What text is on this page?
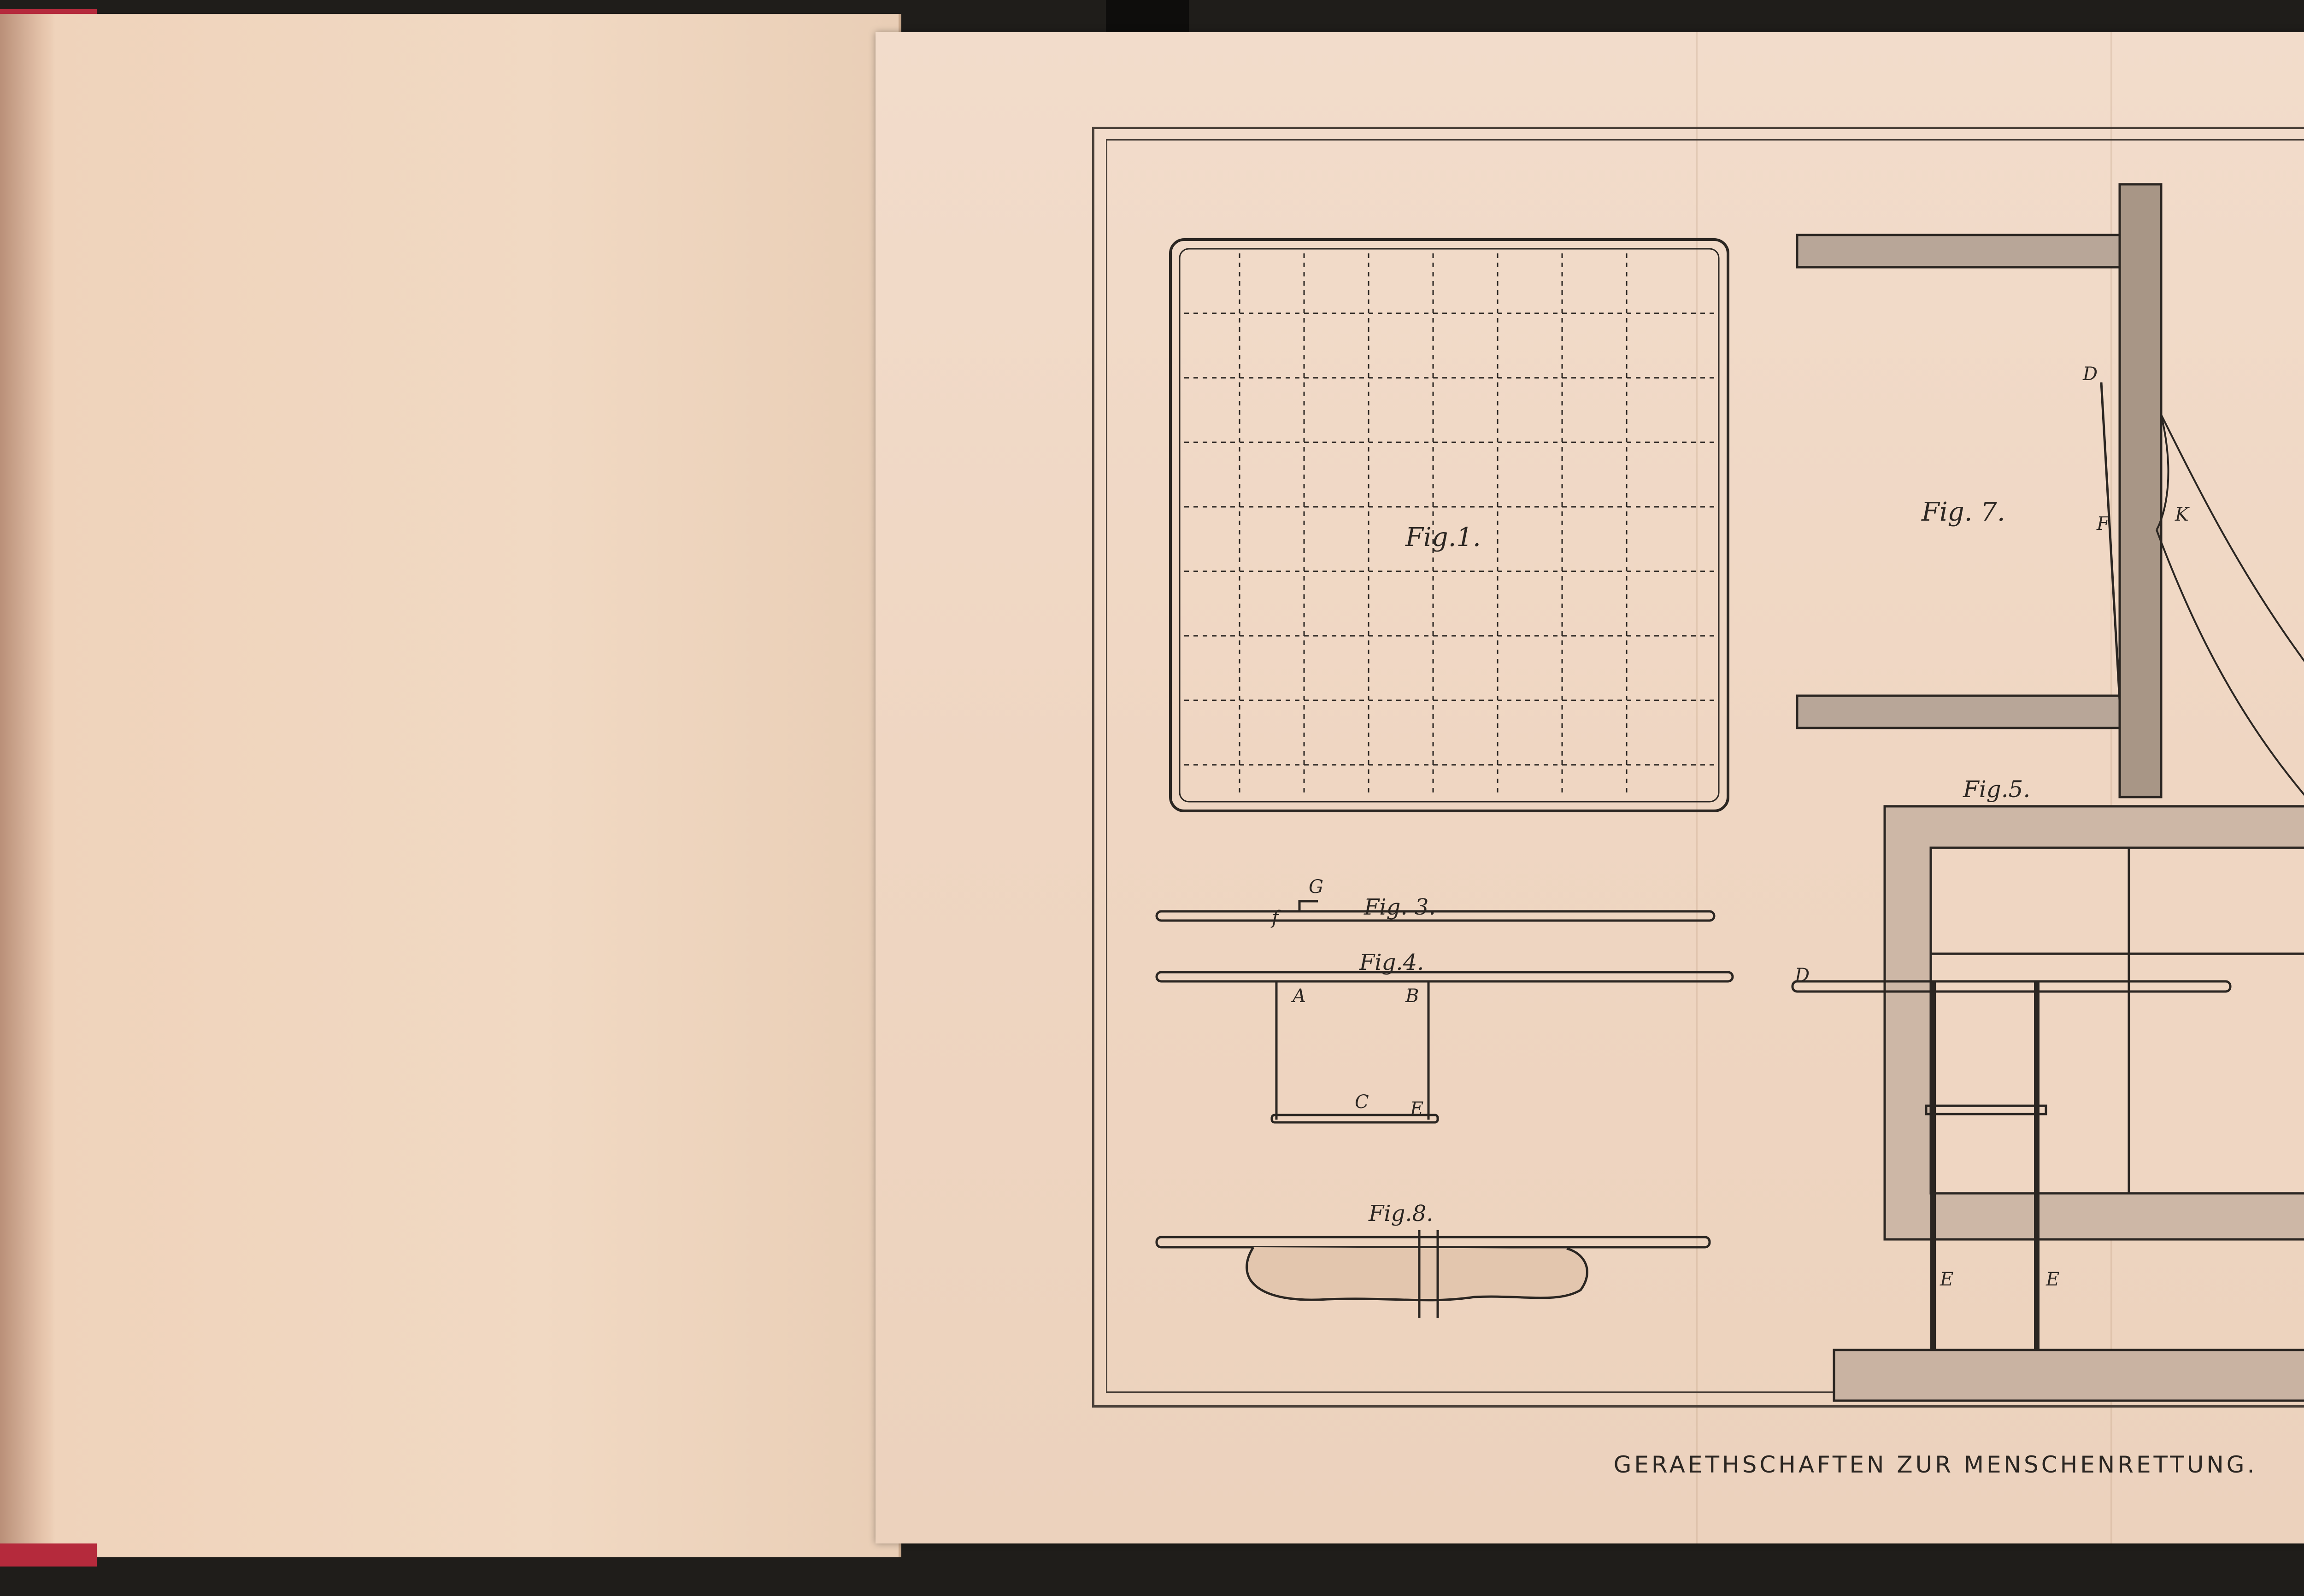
Fig.1.
Fig. 3.
Fig.4.
Fig.8.
Fig. 7.
Fig.5.
f
G
A	B
C E
D
F	K
D
E	E
GERAETHSCHAFTEN ZUR MENSCHENRETTUNG.
